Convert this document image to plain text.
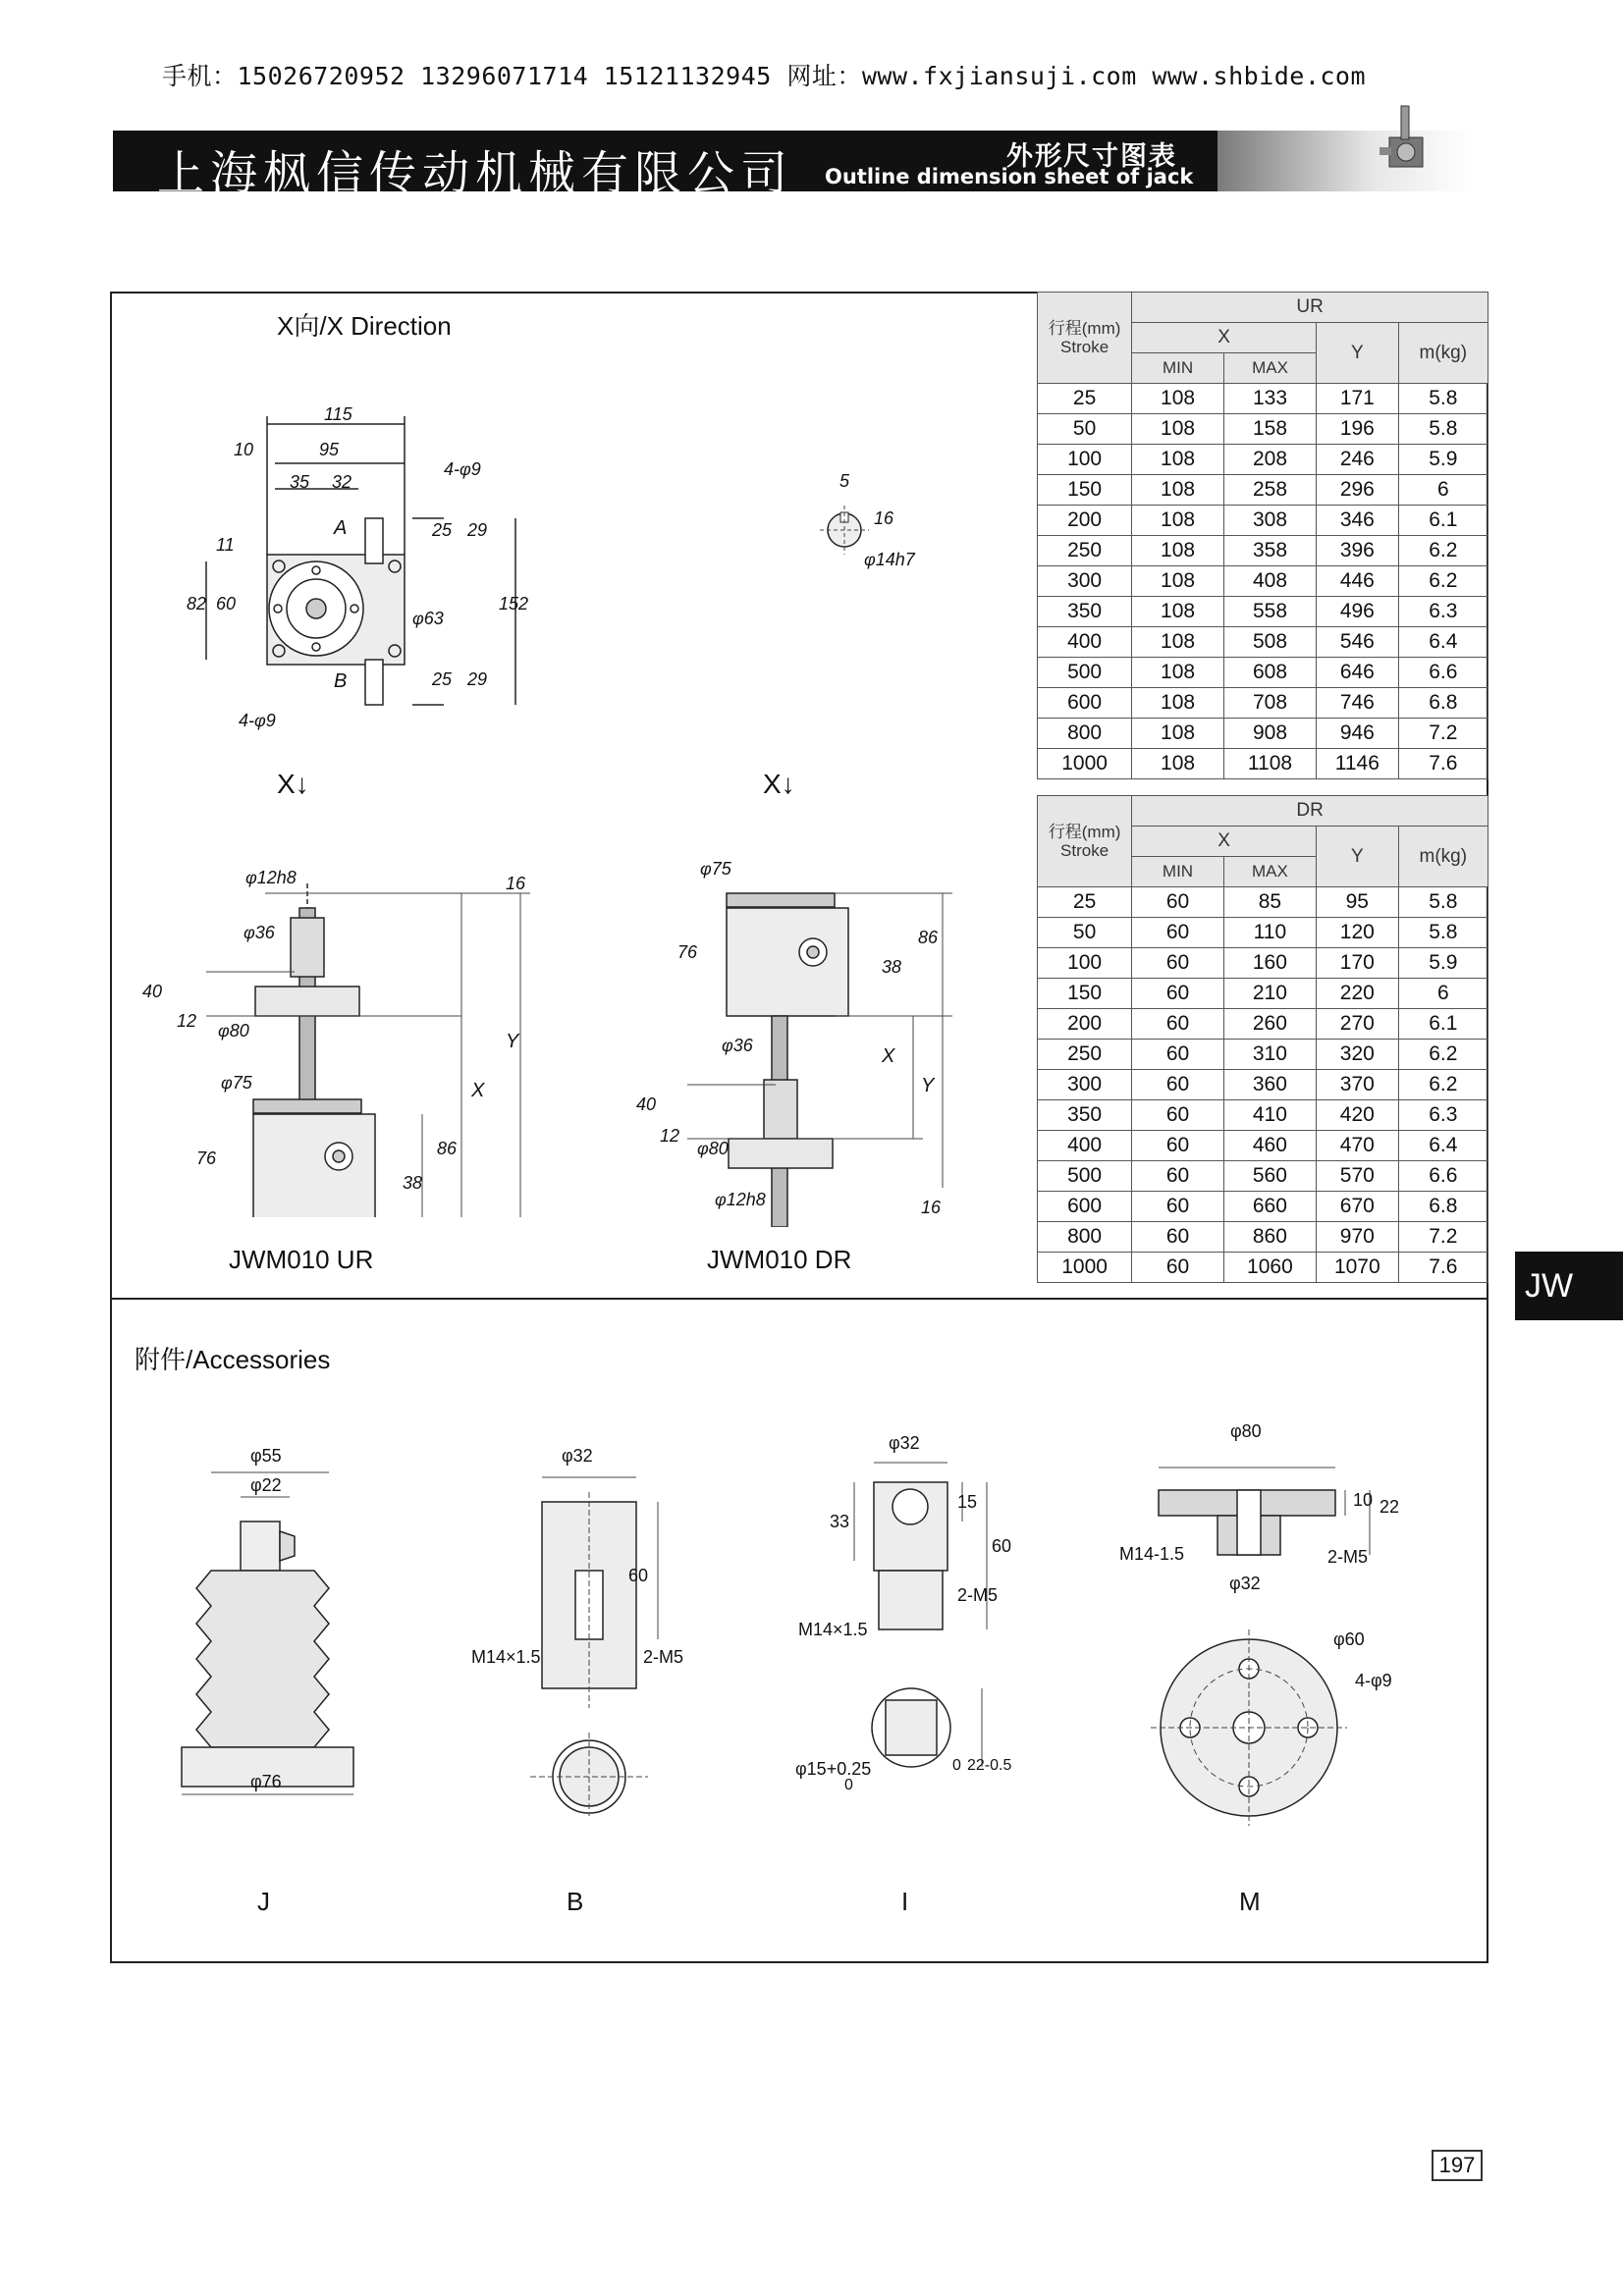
手机：15026720952 13296071714 15121132945 网址：www.fxjiansuji.com www.shbide.com
上海枫信传动机械有限公司	外形尺寸图表
Outline dimension sheet of jack
X向/X Direction
X↓	X↓
JWM010 UR	JWM010 DR
115
10	95
35 32
4-φ9
A
B
25 29
25 29
11
82 60	152
φ63
4-φ9
5
16
φ14h7
φ12h8	16
φ36
40
12 φ80
φ75
76
38
86
Y
X
φ75
76
86
38
φ36	X
Y
40
12
φ80
φ12h8	16
行程(mm)
Stroke	UR			
	X		Y	m(kg)
	MIN	MAX		
25	108	133	171	5.8
50	108	158	196	5.8
100	108	208	246	5.9
150	108	258	296	6
200	108	308	346	6.1
250	108	358	396	6.2
300	108	408	446	6.2
350	108	558	496	6.3
400	108	508	546	6.4
500	108	608	646	6.6
600	108	708	746	6.8
800	108	908	946	7.2
1000	108	1108	1146	7.6
行程(mm)
Stroke	DR			
	X		Y	m(kg)
	MIN	MAX		
25	60	85	95	5.8
50	60	110	120	5.8
100	60	160	170	5.9
150	60	210	220	6
200	60	260	270	6.1
250	60	310	320	6.2
300	60	360	370	6.2
350	60	410	420	6.3
400	60	460	470	6.4
500	60	560	570	6.6
600	60	660	670	6.8
800	60	860	970	7.2
1000	60	1060	1070	7.6
JW
附件/Accessories
φ55
φ22
φ76
J
φ32
60
M14×1.5	2-M5
B
φ32
33
15
60
2-M5
M14×1.5
φ15+0.25
0
22-0.5
0
I
φ80
10 22
M14-1.5	2-M5
φ32
φ60
4-φ9
M
197
